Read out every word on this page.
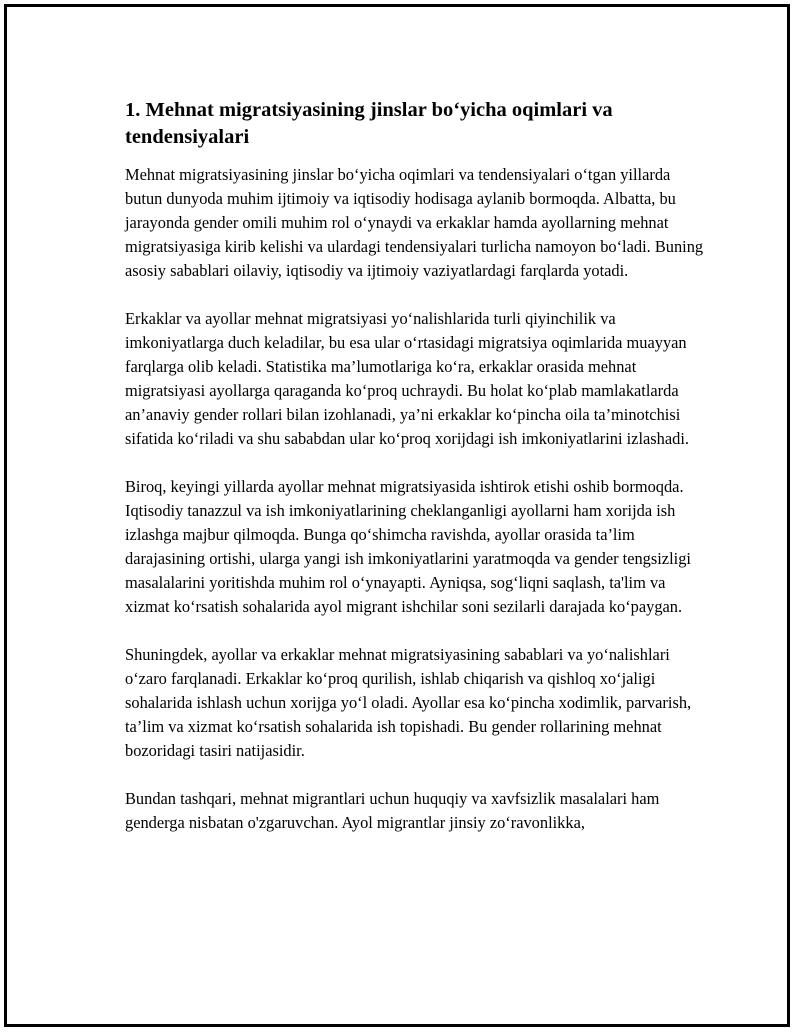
1. Mehnat migratsiyasining jinslar bo‘yicha oqimlari va tendensiyalari

Mehnat migratsiyasining jinslar bo‘yicha oqimlari va tendensiyalari o‘tgan yillarda butun dunyoda muhim ijtimoiy va iqtisodiy hodisaga aylanib bormoqda. Albatta, bu jarayonda gender omili muhim rol o‘ynaydi va erkaklar hamda ayollarning mehnat migratsiyasiga kirib kelishi va ulardagi tendensiyalari turlicha namoyon bo‘ladi. Buning asosiy sabablari oilaviy, iqtisodiy va ijtimoiy vaziyatlardagi farqlarda yotadi.

Erkaklar va ayollar mehnat migratsiyasi yo‘nalishlarida turli qiyinchilik va imkoniyatlarga duch keladilar, bu esa ular o‘rtasidagi migratsiya oqimlarida muayyan farqlarga olib keladi. Statistika ma’lumotlariga ko‘ra, erkaklar orasida mehnat migratsiyasi ayollarga qaraganda ko‘proq uchraydi. Bu holat ko‘plab mamlakatlarda an’anaviy gender rollari bilan izohlanadi, ya’ni erkaklar ko‘pincha oila ta’minotchisi sifatida ko‘riladi va shu sababdan ular ko‘proq xorijdagi ish imkoniyatlarini izlashadi.

Biroq, keyingi yillarda ayollar mehnat migratsiyasida ishtirok etishi oshib bormoqda. Iqtisodiy tanazzul va ish imkoniyatlarining cheklanganligi ayollarni ham xorijda ish izlashga majbur qilmoqda. Bunga qo‘shimcha ravishda, ayollar orasida ta’lim darajasining ortishi, ularga yangi ish imkoniyatlarini yaratmoqda va gender tengsizligi masalalarini yoritishda muhim rol o‘ynayapti. Ayniqsa, sog‘liqni saqlash, ta'lim va xizmat ko‘rsatish sohalarida ayol migrant ishchilar soni sezilarli darajada ko‘paygan.

Shuningdek, ayollar va erkaklar mehnat migratsiyasining sabablari va yo‘nalishlari o‘zaro farqlanadi. Erkaklar ko‘proq qurilish, ishlab chiqarish va qishloq xo‘jaligi sohalarida ishlash uchun xorijga yo‘l oladi. Ayollar esa ko‘pincha xodimlik, parvarish, ta’lim va xizmat ko‘rsatish sohalarida ish topishadi. Bu gender rollarining mehnat bozoridagi tasiri natijasidir.

Bundan tashqari, mehnat migrantlari uchun huquqiy va xavfsizlik masalalari ham genderga nisbatan o'zgaruvchan. Ayol migrantlar jinsiy zo‘ravonlikka,
